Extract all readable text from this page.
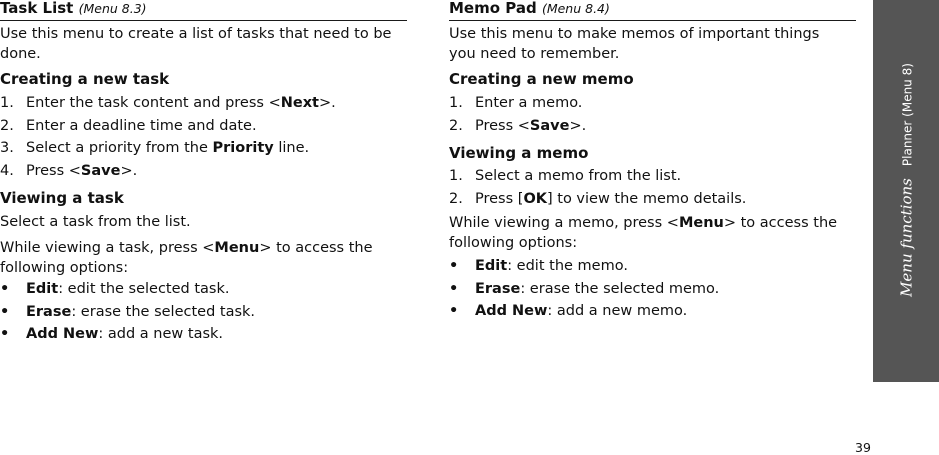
Task List (Menu 8.3)
Use this menu to create a list of tasks that need to be
done.
Creating a new task
1. Enter the task content and press <Next>.
2. Enter a deadline time and date.
3. Select a priority from the Priority line.
4. Press <Save>.
Viewing a task
Select a task from the list.
While viewing a task, press <Menu> to access the
following options:
• Edit: edit the selected task.
• Erase: erase the selected task.
• Add New: add a new task.
Memo Pad (Menu 8.4)
Use this menu to make memos of important things
you need to remember.
Creating a new memo
1. Enter a memo.
2. Press <Save>.
Viewing a memo
1. Select a memo from the list.
2. Press [OK] to view the memo details.
While viewing a memo, press <Menu> to access the
following options:
• Edit: edit the memo.
• Erase: erase the selected memo.
• Add New: add a new memo.
Menu functionsPlanner (Menu 8)
39
